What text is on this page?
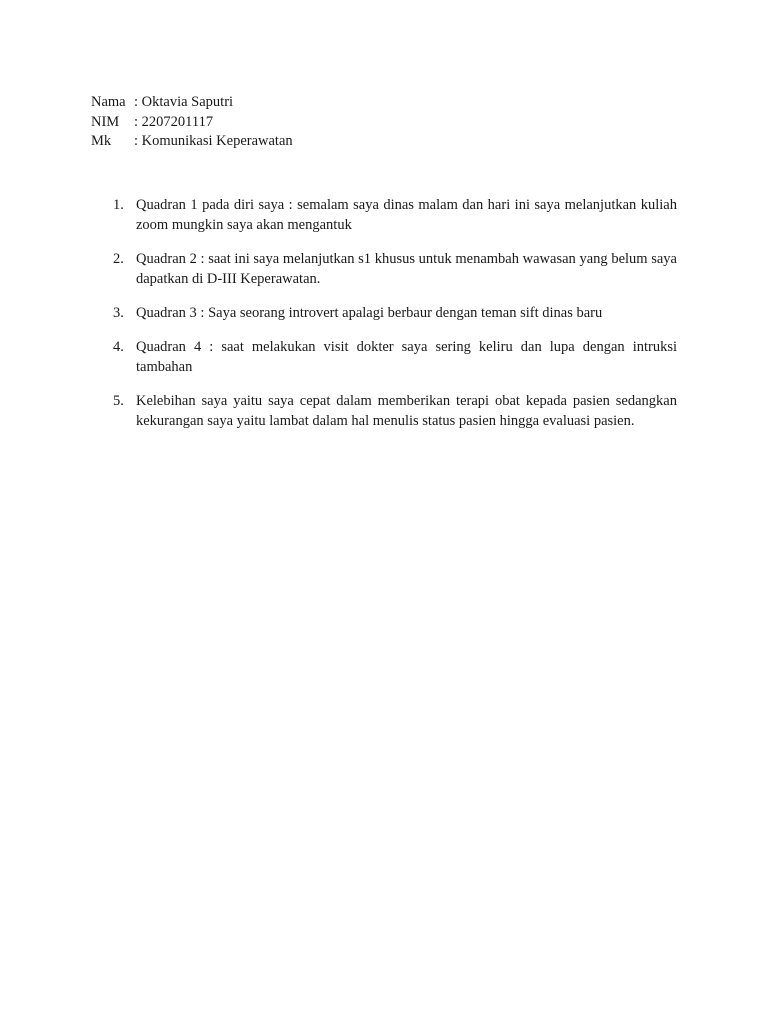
Nama : Oktavia Saputri
NIM	: 2207201117
Mk	: Komunikasi Keperawatan
1. Quadran 1 pada diri saya : semalam saya dinas malam dan hari ini saya melanjutkan kuliah zoom mungkin saya akan mengantuk
2. Quadran 2 : saat ini saya melanjutkan s1 khusus untuk menambah wawasan yang belum saya dapatkan di D-III Keperawatan.
3. Quadran 3 : Saya seorang introvert apalagi berbaur dengan teman sift dinas baru
4. Quadran 4 : saat melakukan visit dokter saya sering keliru dan lupa dengan intruksi tambahan
5. Kelebihan saya yaitu saya cepat dalam memberikan terapi obat kepada pasien sedangkan kekurangan saya yaitu lambat dalam hal menulis status pasien hingga evaluasi pasien.
